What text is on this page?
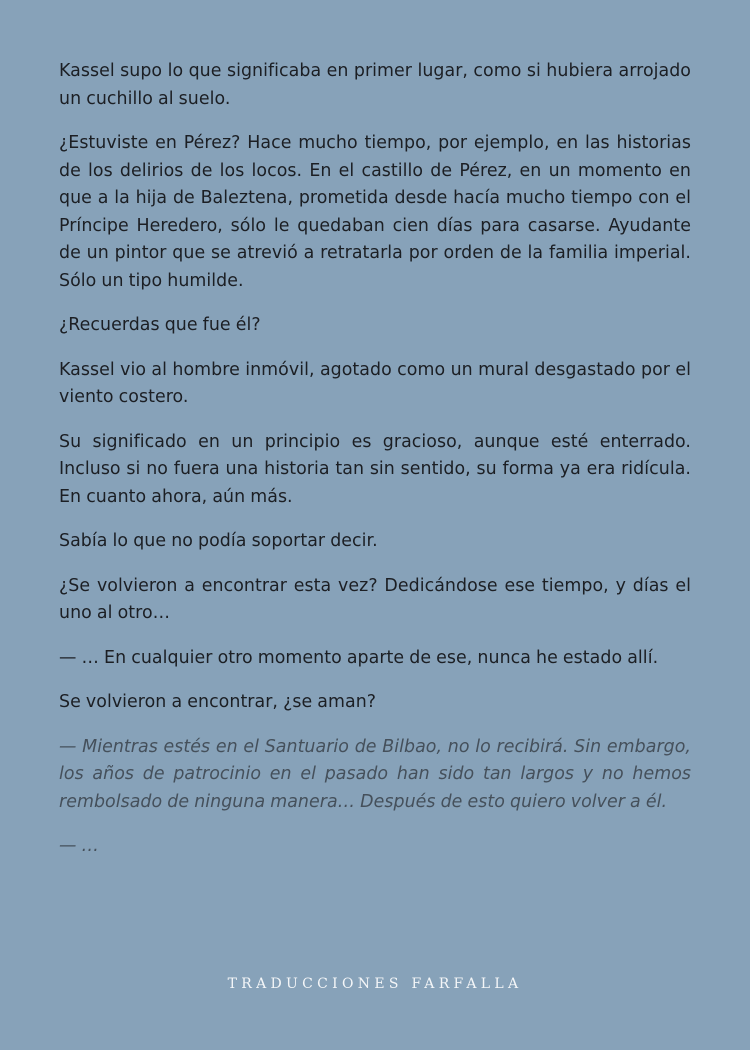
Kassel supo lo que significaba en primer lugar, como si hubiera arrojado un cuchillo al suelo.

¿Estuviste en Pérez? Hace mucho tiempo, por ejemplo, en las historias de los delirios de los locos. En el castillo de Pérez, en un momento en que a la hija de Baleztena, prometida desde hacía mucho tiempo con el Príncipe Heredero, sólo le quedaban cien días para casarse. Ayudante de un pintor que se atrevió a retratarla por orden de la familia imperial. Sólo un tipo humilde.

¿Recuerdas que fue él?

Kassel vio al hombre inmóvil, agotado como un mural desgastado por el viento costero.

Su significado en un principio es gracioso, aunque esté enterrado. Incluso si no fuera una historia tan sin sentido, su forma ya era ridícula. En cuanto ahora, aún más.

Sabía lo que no podía soportar decir.

¿Se volvieron a encontrar esta vez? Dedicándose ese tiempo, y días el uno al otro…

— … En cualquier otro momento aparte de ese, nunca he estado allí.

Se volvieron a encontrar, ¿se aman?

— Mientras estés en el Santuario de Bilbao, no lo recibirá. Sin embargo, los años de patrocinio en el pasado han sido tan largos y no hemos rembolsado de ninguna manera… Después de esto quiero volver a él.

— …

TRADUCCIONES FARFALLA
